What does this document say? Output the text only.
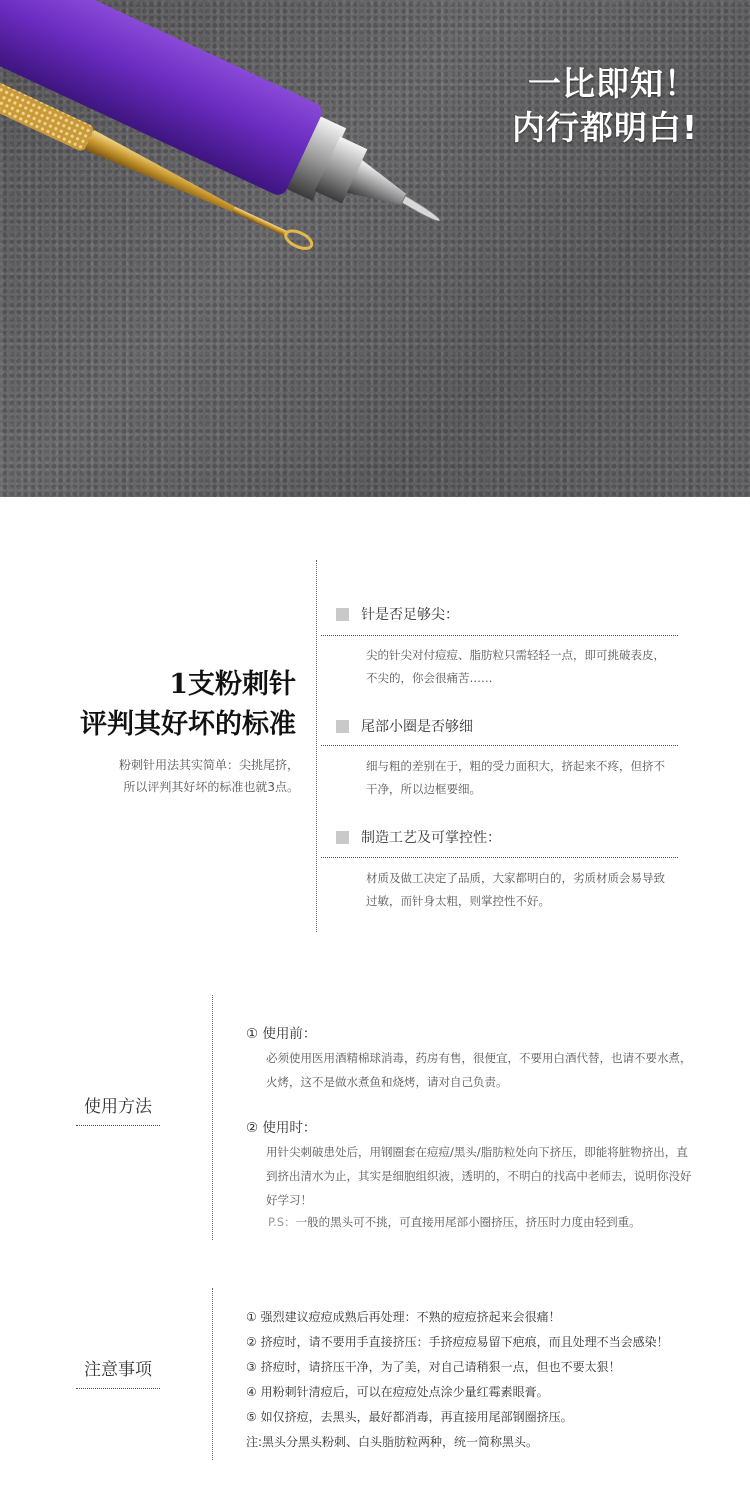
一比即知！
内行都明白!
1支粉刺针
评判其好坏的标准
粉刺针用法其实简单：尖挑尾挤，
所以评判其好坏的标准也就3点。
针是否足够尖：
尖的针尖对付痘痘、脂肪粒只需轻轻一点，即可挑破表皮，
不尖的，你会很痛苦……
尾部小圈是否够细
细与粗的差别在于，粗的受力面积大，挤起来不疼，但挤不
干净，所以边框要细。
制造工艺及可掌控性：
材质及做工决定了品质，大家都明白的，劣质材质会易导致
过敏，而针身太粗，则掌控性不好。
使用方法
① 使用前：
必须使用医用酒精棉球消毒，药房有售，很便宜，不要用白酒代替，也请不要水煮，
火烤，这不是做水煮鱼和烧烤，请对自己负责。
② 使用时：
用针尖刺破患处后，用钢圈套在痘痘/黑头/脂肪粒处向下挤压，即能将脏物挤出，直
到挤出清水为止，其实是细胞组织液，透明的，不明白的找高中老师去，说明你没好
好学习！
P.S：一般的黑头可不挑，可直接用尾部小圈挤压，挤压时力度由轻到重。
注意事项
① 强烈建议痘痘成熟后再处理：不熟的痘痘挤起来会很痛！
② 挤痘时，请不要用手直接挤压：手挤痘痘易留下疤痕，而且处理不当会感染！
③ 挤痘时，请挤压干净，为了美，对自己请稍狠一点，但也不要太狠！
④ 用粉刺针清痘后，可以在痘痘处点涂少量红霉素眼膏。
⑤ 如仅挤痘，去黑头，最好都消毒，再直接用尾部钢圈挤压。
注:黑头分黑头粉刺、白头脂肪粒两种，统一简称黑头。
